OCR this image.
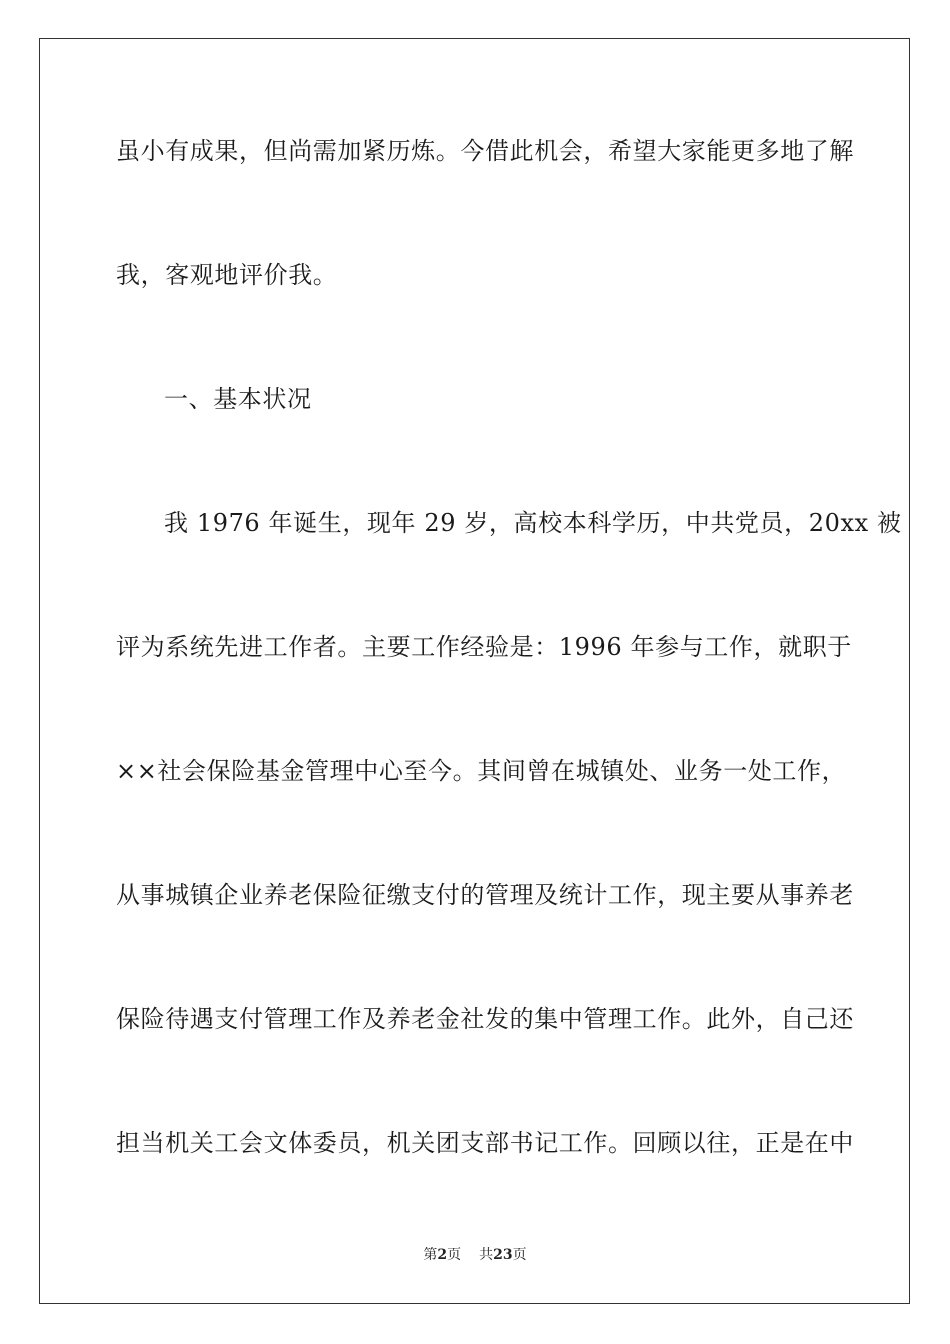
虽小有成果，但尚需加紧历炼。今借此机会，希望大家能更多地了解
我，客观地评价我。
一、基本状况
我 1976 年诞生，现年 29 岁，高校本科学历，中共党员，20xx 被
评为系统先进工作者。主要工作经验是：1996 年参与工作，就职于
××社会保险基金管理中心至今。其间曾在城镇处、业务一处工作，
从事城镇企业养老保险征缴支付的管理及统计工作，现主要从事养老
保险待遇支付管理工作及养老金社发的集中管理工作。此外，自己还
担当机关工会文体委员，机关团支部书记工作。回顾以往，正是在中
第2页 共23页
